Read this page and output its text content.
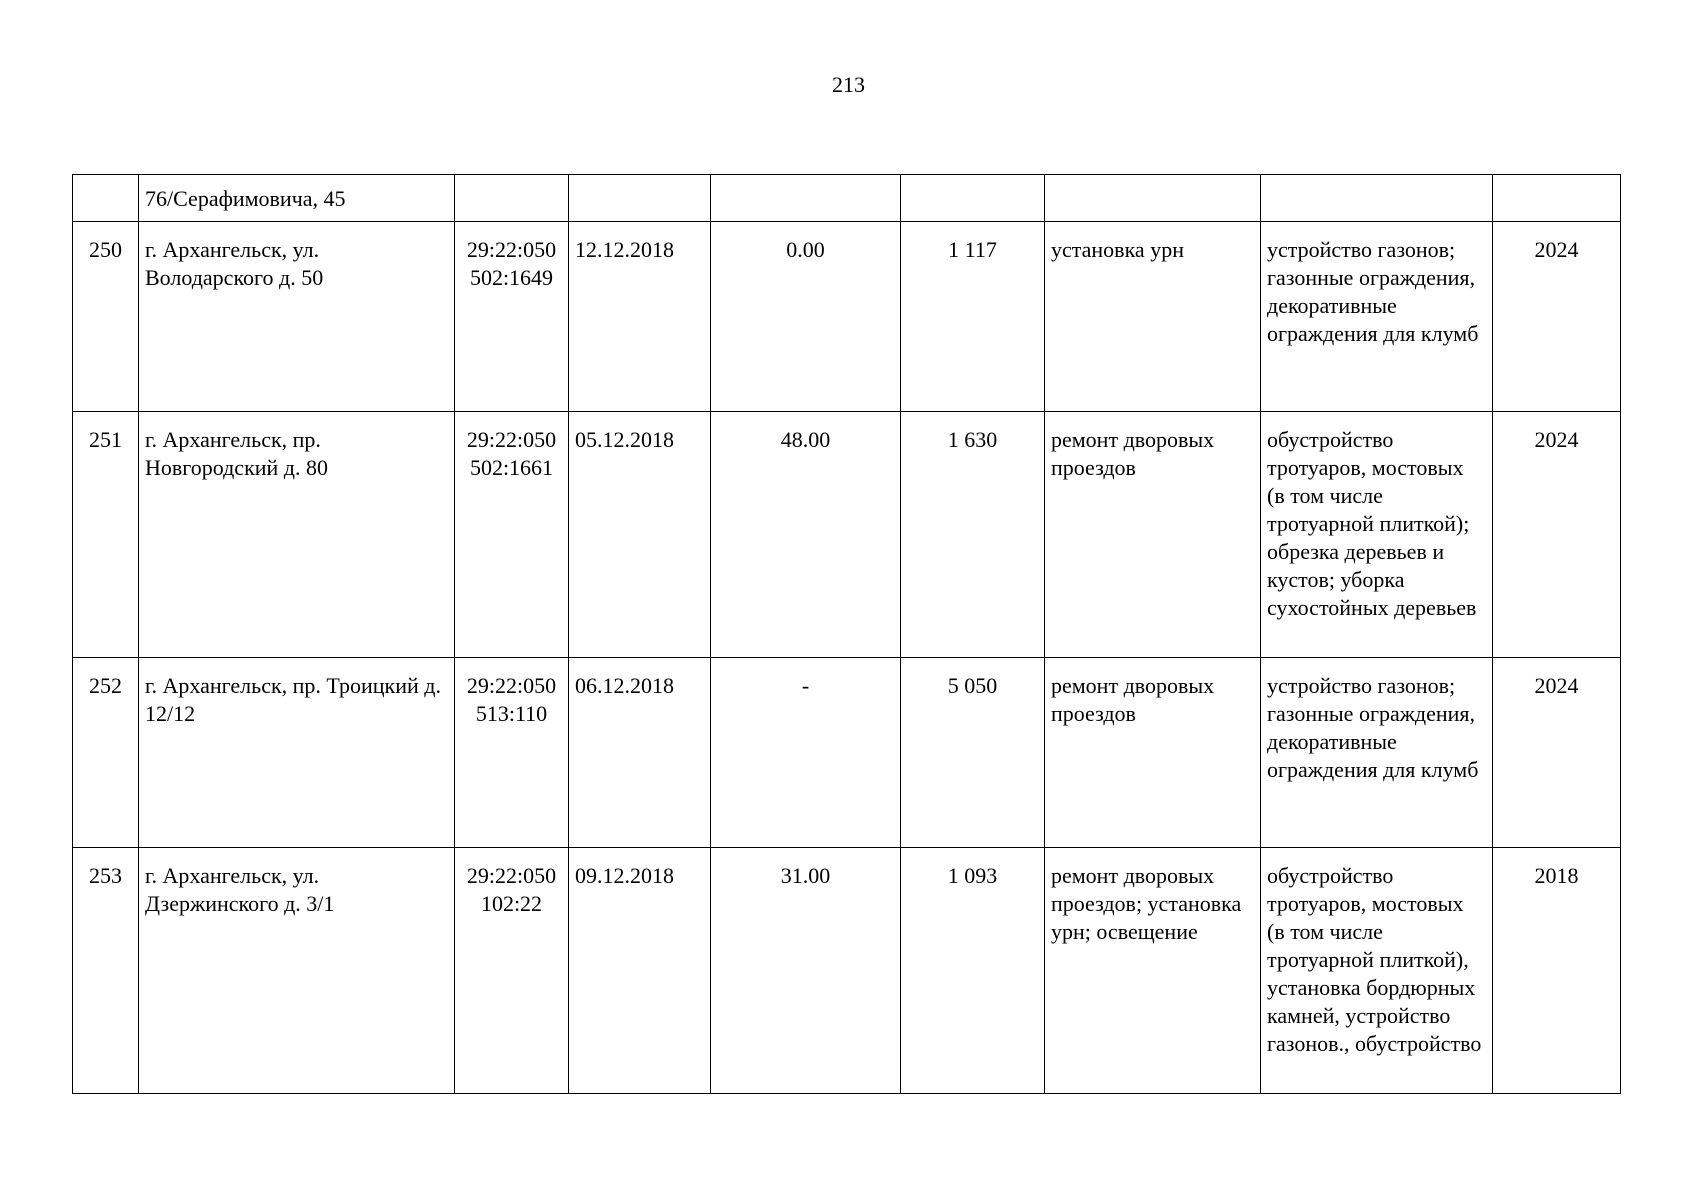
213
	76/Серафимовича, 45							
250	г. Архангельск, ул. Володарского д. 50	29:22:050 502:1649	12.12.2018	0.00	1 117	установка урн	устройство газонов; газонные ограждения, декоративные ограждения для клумб	2024
251	г. Архангельск, пр. Новгородский д. 80	29:22:050 502:1661	05.12.2018	48.00	1 630	ремонт дворовых проездов	обустройство тротуаров, мостовых (в том числе тротуарной плиткой); обрезка деревьев и кустов; уборка сухостойных деревьев	2024
252	г. Архангельск, пр. Троицкий д. 12/12	29:22:050 513:110	06.12.2018	-	5 050	ремонт дворовых проездов	устройство газонов; газонные ограждения, декоративные ограждения для клумб	2024
253	г. Архангельск, ул. Дзержинского д. 3/1	29:22:050 102:22	09.12.2018	31.00	1 093	ремонт дворовых проездов; установка урн; освещение	обустройство тротуаров, мостовых (в том числе тротуарной плиткой), установка бордюрных камней, устройство газонов., обустройство	2018
